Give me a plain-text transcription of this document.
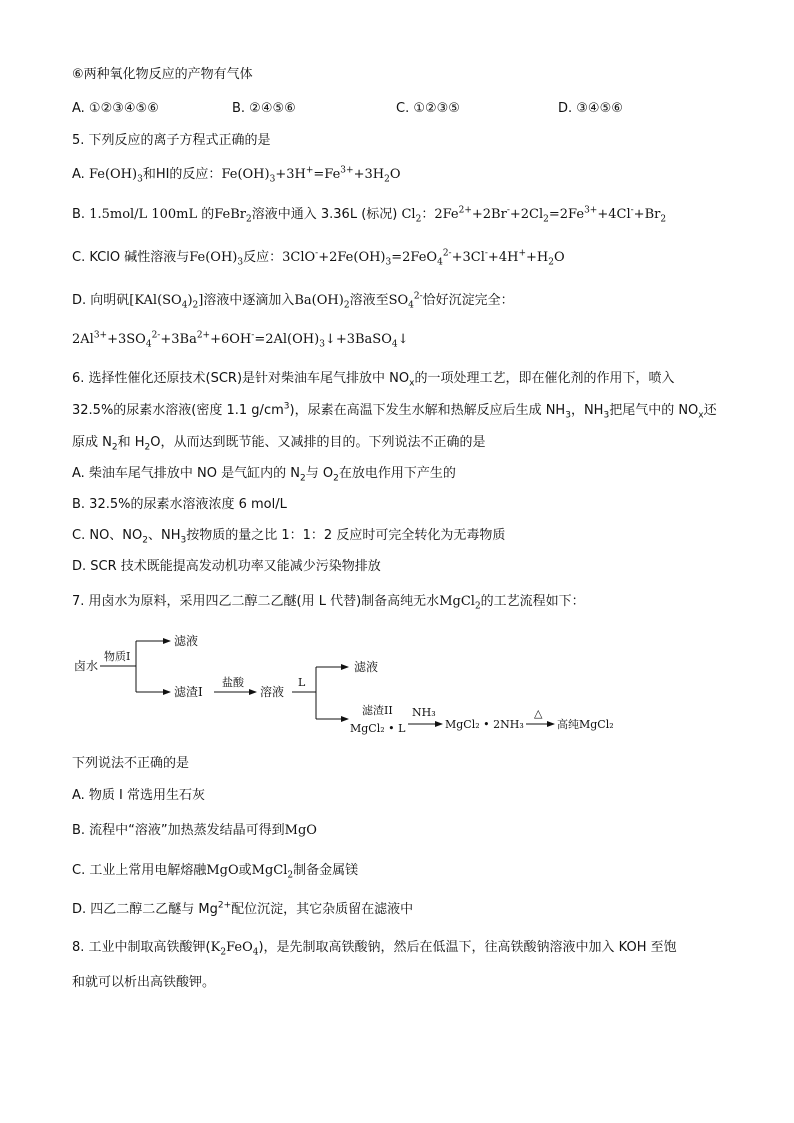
⑥两种氧化物反应的产物有气体
A. ①②③④⑤⑥	B. ②④⑤⑥	C. ①②③⑤	D. ③④⑤⑥
5. 下列反应的离子方程式正确的是
A. $Fe(OH)_3$和HI的反应：$Fe(OH)_3+3H^+=Fe^{3+}+3H_2O$
B. 1.5mol/L 100mL 的FeBr$_2$溶液中通入 3.36L (标况) $Cl_2$：$2Fe^{2+}+2Br^-+2Cl_2=2Fe^{3+}+4Cl^-+Br_2$
C. KClO 碱性溶液与$Fe(OH)_3$反应：$3ClO^-+2Fe(OH)_3=2FeO_4^{2-}+3Cl^-+4H^++H_2O$
D. 向明矾$[KAl(SO_4)_2]$溶液中逐滴加入$Ba(OH)_2$溶液至$SO_4^{2-}$恰好沉淀完全：
$2Al^{3+}+3SO_4^{2-}+3Ba^{2+}+6OH^-=2Al(OH)_3↓+3BaSO_4↓$
6. 选择性催化还原技术(SCR)是针对柴油车尾气排放中 $NO_x$的一项处理工艺，即在催化剂的作用下，喷入
32.5%的尿素水溶液(密度 1.1 $g/cm^3$)，尿素在高温下发生水解和热解反应后生成 $NH_3$，$NH_3$把尾气中的 $NO_x$还
原成 $N_2$和 $H_2O$，从而达到既节能、又减排的目的。下列说法不正确的是
A. 柴油车尾气排放中 NO 是气缸内的 $N_2$与 $O_2$在放电作用下产生的
B. 32.5%的尿素水溶液浓度 6 mol/L
C. NO、$NO_2$、$NH_3$按物质的量之比 1：1：2 反应时可完全转化为无毒物质
D. SCR 技术既能提高发动机功率又能减少污染物排放
7. 用卤水为原料，采用四乙二醇二乙醚(用 L 代替)制备高纯无水MgCl$_2$的工艺流程如下：
卤水
物质I
滤液
滤渣I
盐酸
溶液
L
滤液
滤渣II
MgCl₂ • L
NH₃
MgCl₂ • 2NH₃
△
高纯MgCl₂
下列说法不正确的是
A. 物质 I 常选用生石灰
B. 流程中“溶液”加热蒸发结晶可得到MgO
C. 工业上常用电解熔融MgO或MgCl$_2$制备金属镁
D. 四乙二醇二乙醚与 $Mg^{2+}$配位沉淀，其它杂质留在滤液中
8. 工业中制取高铁酸钾$(K_2FeO_4)$，是先制取高铁酸钠，然后在低温下，往高铁酸钠溶液中加入 KOH 至饱
和就可以析出高铁酸钾。
